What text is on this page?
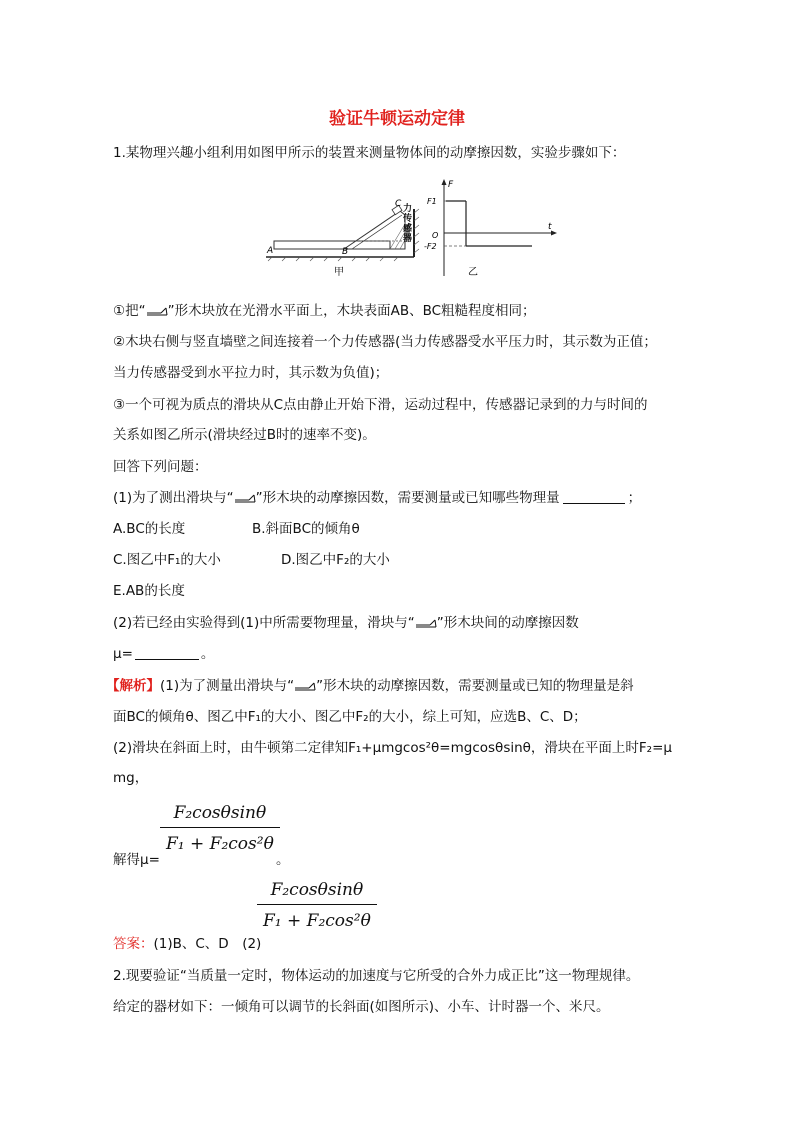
验证牛顿运动定律
1.某物理兴趣小组利用如图甲所示的装置来测量物体间的动摩擦因数，实验步骤如下：
A	B
C
甲
力传感器
F
t
F1
O
-F2
乙
①把“ ”形木块放在光滑水平面上，木块表面AB、BC粗糙程度相同；
②木块右侧与竖直墙壁之间连接着一个力传感器(当力传感器受水平压力时，其示数为正值；
当力传感器受到水平拉力时，其示数为负值)；
③一个可视为质点的滑块从C点由静止开始下滑，运动过程中，传感器记录到的力与时间的
关系如图乙所示(滑块经过B时的速率不变)。
回答下列问题：
(1)为了测出滑块与“ ”形木块的动摩擦因数，需要测量或已知哪些物理量	；
A.BC的长度	B.斜面BC的倾角θ
C.图乙中F₁的大小	D.图乙中F₂的大小
E.AB的长度
(2)若已经由实验得到(1)中所需要物理量，滑块与“ ”形木块间的动摩擦因数
μ=	。
【解析】(1)为了测量出滑块与“ ”形木块的动摩擦因数，需要测量或已知的物理量是斜
面BC的倾角θ、图乙中F₁的大小、图乙中F₂的大小，综上可知，应选B、C、D；
(2)滑块在斜面上时，由牛顿第二定律知F₁+μmgcos²θ=mgcosθsinθ，滑块在平面上时F₂=μ
mg，
解得μ=
$\frac{\text{F₂cosθsinθ}}{\text{F₁ + F₂cos²θ}}$
。
答案：(1)B、C、D　(2)
$\frac{\text{F₂cosθsinθ}}{\text{F₁ + F₂cos²θ}}$
2.现要验证“当质量一定时，物体运动的加速度与它所受的合外力成正比”这一物理规律。
给定的器材如下：一倾角可以调节的长斜面(如图所示)、小车、计时器一个、米尺。
